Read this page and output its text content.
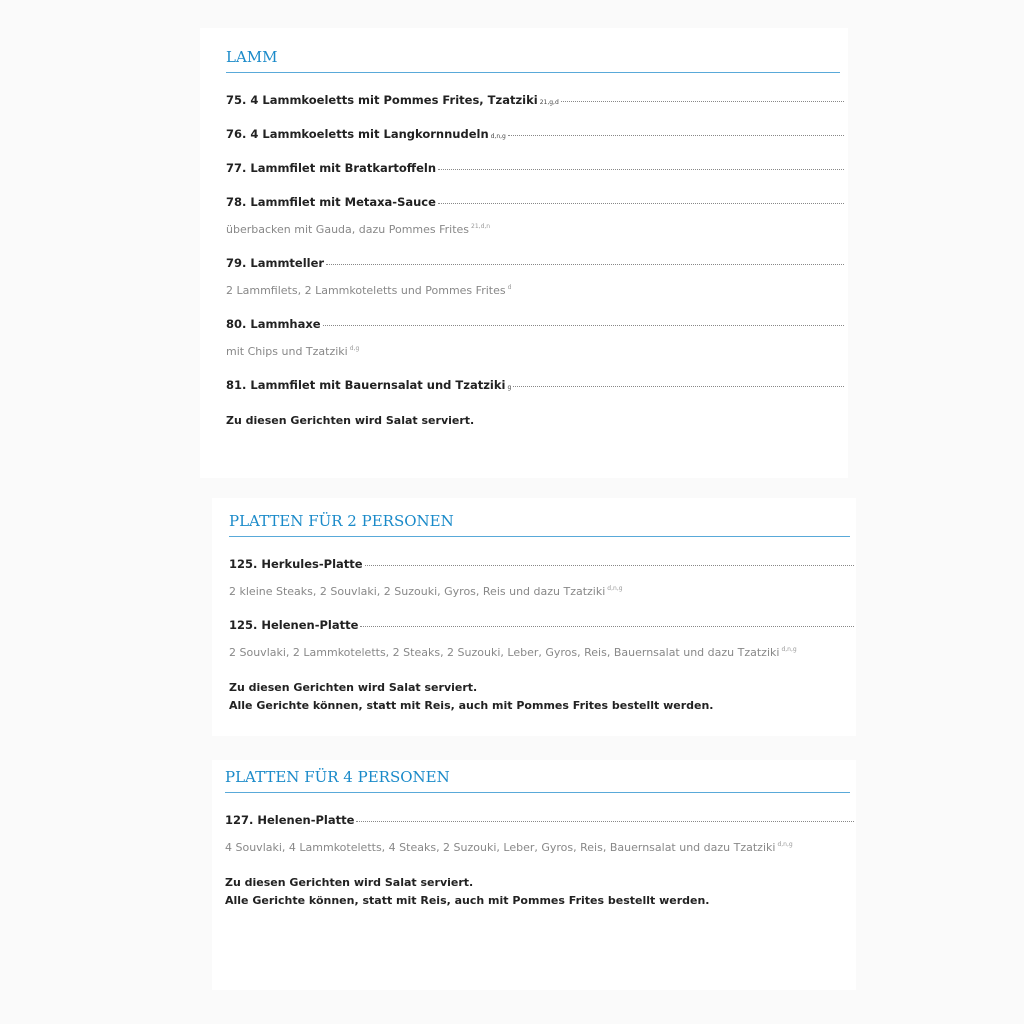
LAMM
75. 4 Lammkoeletts mit Pommes Frites, Tzatziki 21,g,d
76. 4 Lammkoeletts mit Langkornnudeln d,n,g
77. Lammfilet mit Bratkartoffeln
78. Lammfilet mit Metaxa-Sauce
überbacken mit Gauda, dazu Pommes Frites $^{21,d,n}$
79. Lammteller
2 Lammfilets, 2 Lammkoteletts und Pommes Frites $^d$
80. Lammhaxe
mit Chips und Tzatziki $^{d,g}$
81. Lammfilet mit Bauernsalat und Tzatziki g
Zu diesen Gerichten wird Salat serviert.
PLATTEN FÜR 2 PERSONEN
125. Herkules-Platte
2 kleine Steaks, 2 Souvlaki, 2 Suzouki, Gyros, Reis und dazu Tzatziki $^{d,n,g}$
125. Helenen-Platte
2 Souvlaki, 2 Lammkoteletts, 2 Steaks, 2 Suzouki, Leber, Gyros, Reis, Bauernsalat und dazu Tzatziki $^{d,n,g}$
Zu diesen Gerichten wird Salat serviert.
Alle Gerichte können, statt mit Reis, auch mit Pommes Frites bestellt werden.
PLATTEN FÜR 4 PERSONEN
127. Helenen-Platte
4 Souvlaki, 4 Lammkoteletts, 4 Steaks, 2 Suzouki, Leber, Gyros, Reis, Bauernsalat und dazu Tzatziki $^{d,n,g}$
Zu diesen Gerichten wird Salat serviert.
Alle Gerichte können, statt mit Reis, auch mit Pommes Frites bestellt werden.
